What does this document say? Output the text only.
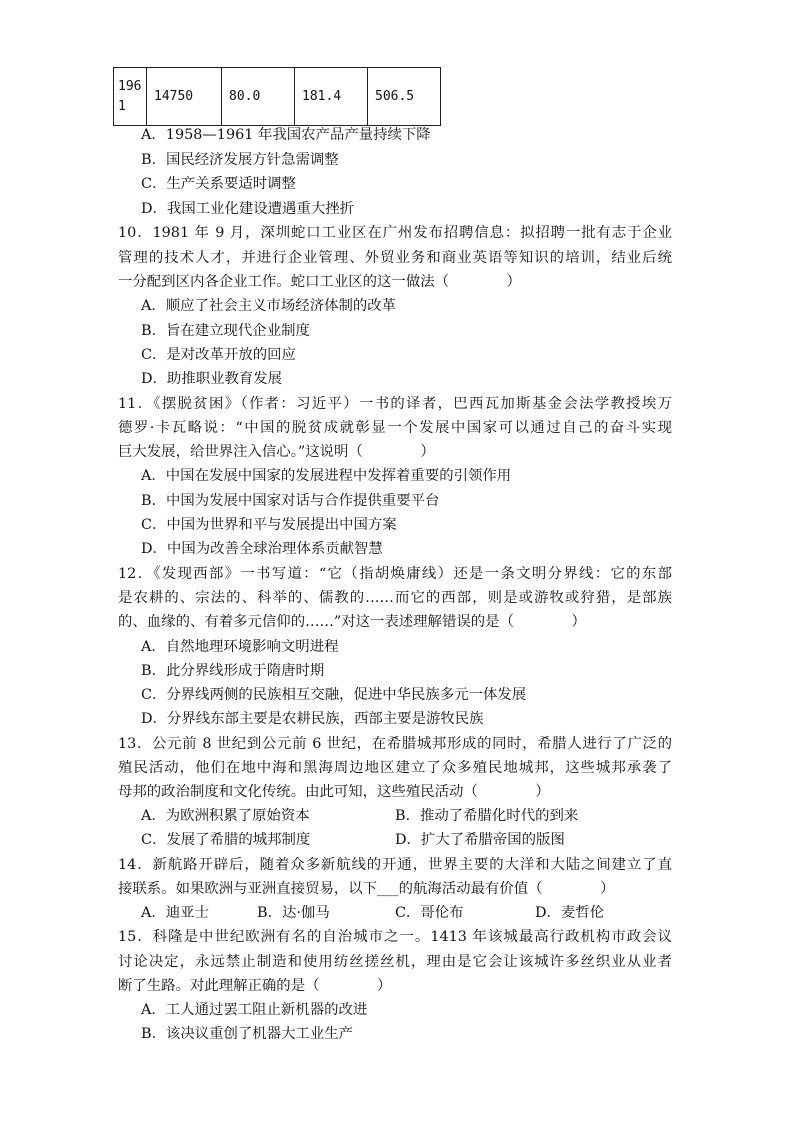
1961	14750	80.0	181.4	506.5
A．1958—1961 年我国农产品产量持续下降
B．国民经济发展方针急需调整
C．生产关系要适时调整
D．我国工业化建设遭遇重大挫折
10．1981 年 9 月，深圳蛇口工业区在广州发布招聘信息：拟招聘一批有志于企业
管理的技术人才，并进行企业管理、外贸业务和商业英语等知识的培训，结业后统
一分配到区内各企业工作。蛇口工业区的这一做法（　　　　）
A．顺应了社会主义市场经济体制的改革
B．旨在建立现代企业制度
C．是对改革开放的回应
D．助推职业教育发展
11．《摆脱贫困》（作者：习近平）一书的译者，巴西瓦加斯基金会法学教授埃万
德罗·卡瓦略说：“中国的脱贫成就彰显一个发展中国家可以通过自己的奋斗实现
巨大发展，给世界注入信心。”这说明（　　　　）
A．中国在发展中国家的发展进程中发挥着重要的引领作用
B．中国为发展中国家对话与合作提供重要平台
C．中国为世界和平与发展提出中国方案
D．中国为改善全球治理体系贡献智慧
12．《发现西部》一书写道：“它（指胡焕庸线）还是一条文明分界线：它的东部
是农耕的、宗法的、科举的、儒教的……而它的西部，则是或游牧或狩猎，是部族
的、血缘的、有着多元信仰的……”对这一表述理解错误的是（　　　　）
A．自然地理环境影响文明进程
B．此分界线形成于隋唐时期
C．分界线两侧的民族相互交融，促进中华民族多元一体发展
D．分界线东部主要是农耕民族，西部主要是游牧民族
13．公元前 8 世纪到公元前 6 世纪，在希腊城邦形成的同时，希腊人进行了广泛的
殖民活动，他们在地中海和黑海周边地区建立了众多殖民地城邦，这些城邦承袭了
母邦的政治制度和文化传统。由此可知，这些殖民活动（　　　　）
A．为欧洲积累了原始资本	B．推动了希腊化时代的到来
C．发展了希腊的城邦制度	D．扩大了希腊帝国的版图
14．新航路开辟后，随着众多新航线的开通，世界主要的大洋和大陆之间建立了直
接联系。如果欧洲与亚洲直接贸易，以下___的航海活动最有价值（　　　　）
A．迪亚士	B．达·伽马	C．哥伦布	D．麦哲伦
15．科隆是中世纪欧洲有名的自治城市之一。1413 年该城最高行政机构市政会议
讨论决定，永远禁止制造和使用纺丝搓丝机，理由是它会让该城许多丝织业从业者
断了生路。对此理解正确的是（　　　　）
A．工人通过罢工阻止新机器的改进
B．该决议重创了机器大工业生产
